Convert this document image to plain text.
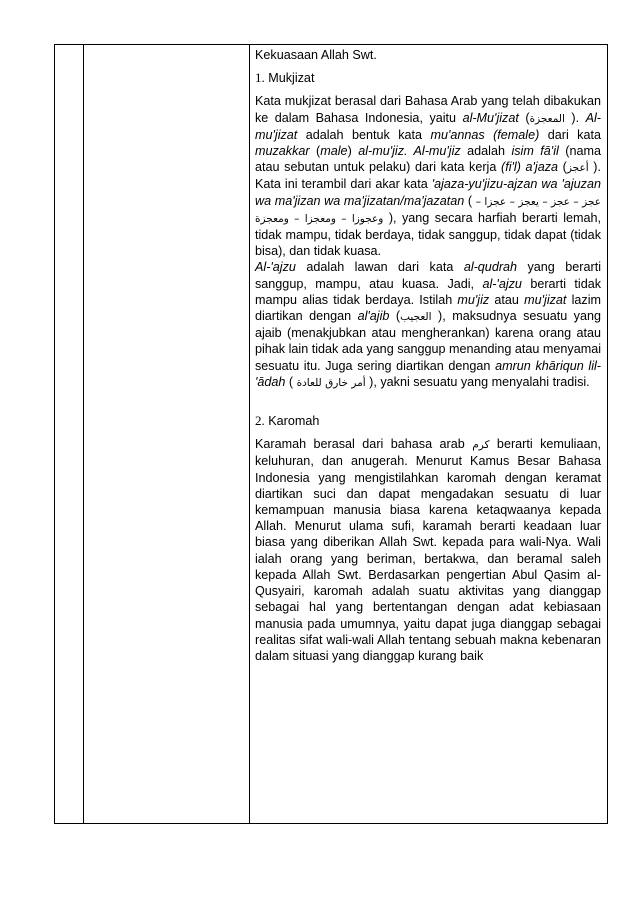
Kekuasaan Allah Swt.

1. Mukjizat

Kata mukjizat berasal dari Bahasa Arab yang telah dibakukan ke dalam Bahasa Indonesia, yaitu al-Mu'jizat (المعجزة ). Al-mu'jizat adalah bentuk kata mu'annas (female) dari kata muzakkar (male) al-mu'jiz. Al-mu'jiz adalah isim fā'il (nama atau sebutan untuk pelaku) dari kata kerja (fi'l) a'jaza (أعجز ). Kata ini terambil dari akar kata 'ajaza-yu'jizu-ajzan wa 'ajuzan wa ma'jizan wa ma'jizatan/ma'jazatan ( عجز – عجز – يعجز – عجزا – وعجوزا – ومعجزا – ومعجزة ), yang secara harfiah berarti lemah, tidak mampu, tidak berdaya, tidak sanggup, tidak dapat (tidak bisa), dan tidak kuasa.

Al-'ajzu adalah lawan dari kata al-qudrah yang berarti sanggup, mampu, atau kuasa. Jadi, al-'ajzu berarti tidak mampu alias tidak berdaya. Istilah mu'jiz atau mu'jizat lazim diartikan dengan al'ajib (العجيب ), maksudnya sesuatu yang ajaib (menakjubkan atau mengherankan) karena orang atau pihak lain tidak ada yang sanggup menanding atau menyamai sesuatu itu. Juga sering diartikan dengan amrun khāriqun lil-'ādah ( أمر خارق للعادة ), yakni sesuatu yang menyalahi tradisi.

2. Karomah

Karamah berasal dari bahasa arab كرم berarti kemuliaan, keluhuran, dan anugerah. Menurut Kamus Besar Bahasa Indonesia yang mengistilahkan karomah dengan keramat diartikan suci dan dapat mengadakan sesuatu di luar kemampuan manusia biasa karena ketaqwaanya kepada Allah. Menurut ulama sufi, karamah berarti keadaan luar biasa yang diberikan Allah Swt. kepada para wali-Nya. Wali ialah orang yang beriman, bertakwa, dan beramal saleh kepada Allah Swt. Berdasarkan pengertian Abul Qasim al-Qusyairi, karomah adalah suatu aktivitas yang dianggap sebagai hal yang bertentangan dengan adat kebiasaan manusia pada umumnya, yaitu dapat juga dianggap sebagai realitas sifat wali-wali Allah tentang sebuah makna kebenaran dalam situasi yang dianggap kurang baik
